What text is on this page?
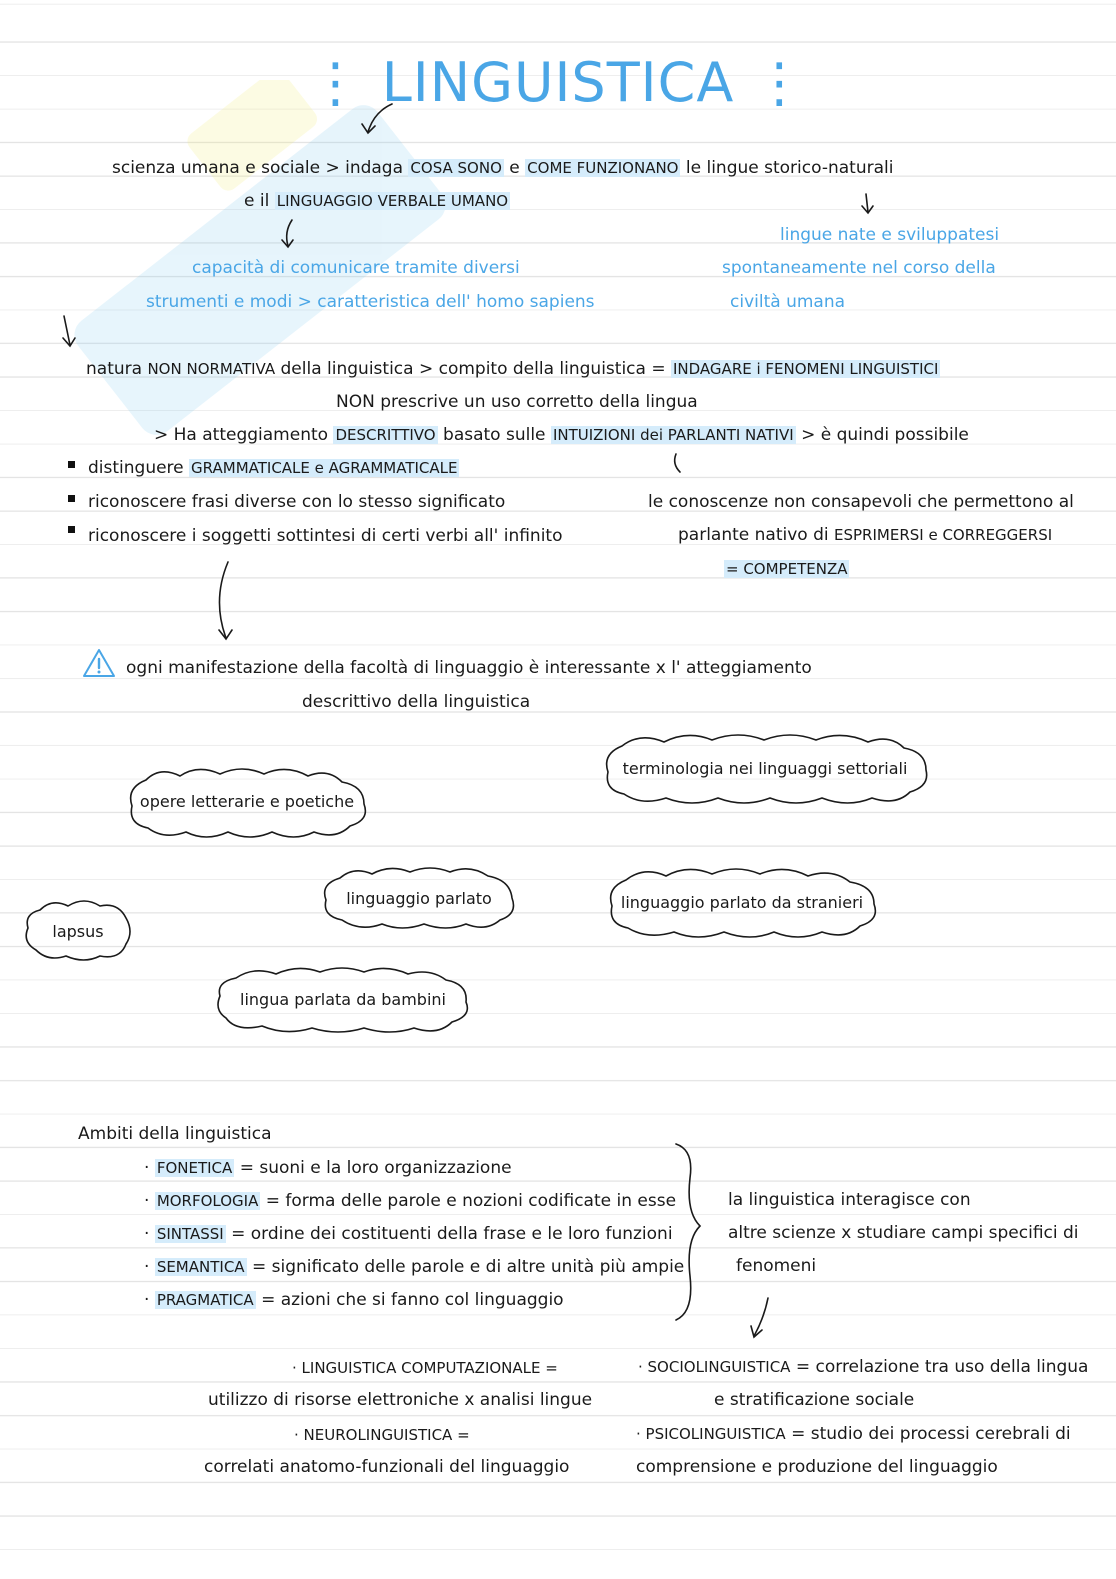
⋮ LINGUISTICA ⋮
scienza umana e sociale > indaga COSA SONO e COME FUNZIONANO le lingue storico-naturali
e il LINGUAGGIO VERBALE UMANO
capacità di comunicare tramite diversi
strumenti e modi > caratteristica dell' homo sapiens
lingue nate e sviluppatesi
spontaneamente nel corso della
civiltà umana
natura NON NORMATIVA della linguistica > compito della linguistica = INDAGARE i FENOMENI LINGUISTICI
NON prescrive un uso corretto della lingua
> Ha atteggiamento DESCRITTIVO basato sulle INTUIZIONI dei PARLANTI NATIVI > è quindi possibile
distinguere GRAMMATICALE e AGRAMMATICALE
riconoscere frasi diverse con lo stesso significato
riconoscere i soggetti sottintesi di certi verbi all' infinito
le conoscenze non consapevoli che permettono al
parlante nativo di ESPRIMERSI e CORREGGERSI
= COMPETENZA
ogni manifestazione della facoltà di linguaggio è interessante x l' atteggiamento
descrittivo della linguistica
opere letterarie e poetiche
terminologia nei linguaggi settoriali
linguaggio parlato	linguaggio parlato da stranieri
lapsus
lingua parlata da bambini
Ambiti della linguistica
· FONETICA = suoni e la loro organizzazione
· MORFOLOGIA = forma delle parole e nozioni codificate in esse
· SINTASSI = ordine dei costituenti della frase e le loro funzioni
· SEMANTICA = significato delle parole e di altre unità più ampie
· PRAGMATICA = azioni che si fanno col linguaggio
la linguistica interagisce con
altre scienze x studiare campi specifici di
fenomeni
· LINGUISTICA COMPUTAZIONALE =
utilizzo di risorse elettroniche x analisi lingue
· NEUROLINGUISTICA =
correlati anatomo-funzionali del linguaggio
· SOCIOLINGUISTICA = correlazione tra uso della lingua
e stratificazione sociale
· PSICOLINGUISTICA = studio dei processi cerebrali di
comprensione e produzione del linguaggio
